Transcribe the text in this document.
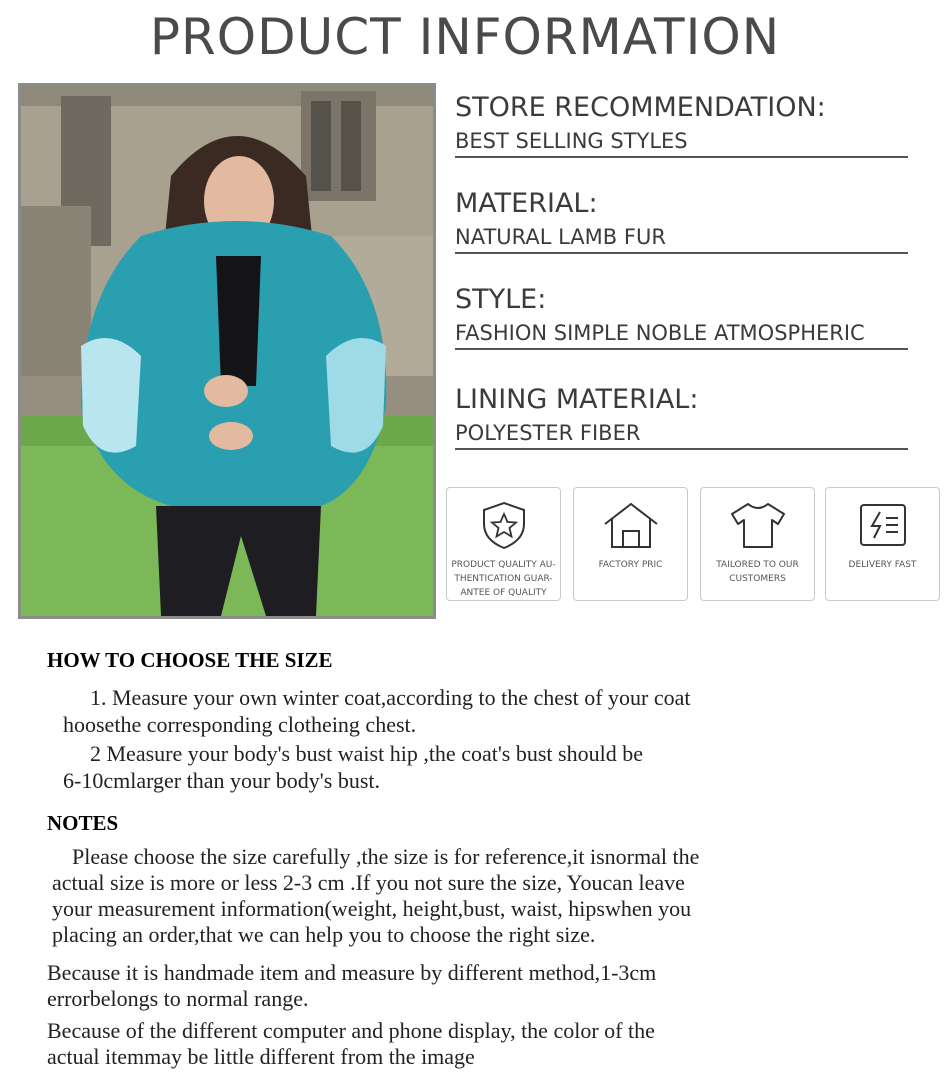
PRODUCT INFORMATION
STORE RECOMMENDATION:
BEST SELLING STYLES
MATERIAL:
NATURAL LAMB FUR
STYLE:
FASHION SIMPLE NOBLE ATMOSPHERIC
LINING MATERIAL:
POLYESTER FIBER
PRODUCT QUALITY AU-
THENTICATION GUAR-
ANTEE OF QUALITY
FACTORY PRIC	TAILORED TO OUR
CUSTOMERS
DELIVERY FAST
HOW TO CHOOSE THE SIZE
1. Measure your own winter coat,according to the chest of your coat
hoosethe corresponding clotheing chest.
2 Measure your body's bust waist hip ,the coat's bust should be
6-10cmlarger than your body's bust.
NOTES
Please choose the size carefully ,the size is for reference,it isnormal the
actual size is more or less 2-3 cm .If you not sure the size, Youcan leave
your measurement information(weight, height,bust, waist, hipswhen you
placing an order,that we can help you to choose the right size.
Because it is handmade item and measure by different method,1-3cm
errorbelongs to normal range.
Because of the different computer and phone display, the color of the
actual itemmay be little different from the image
